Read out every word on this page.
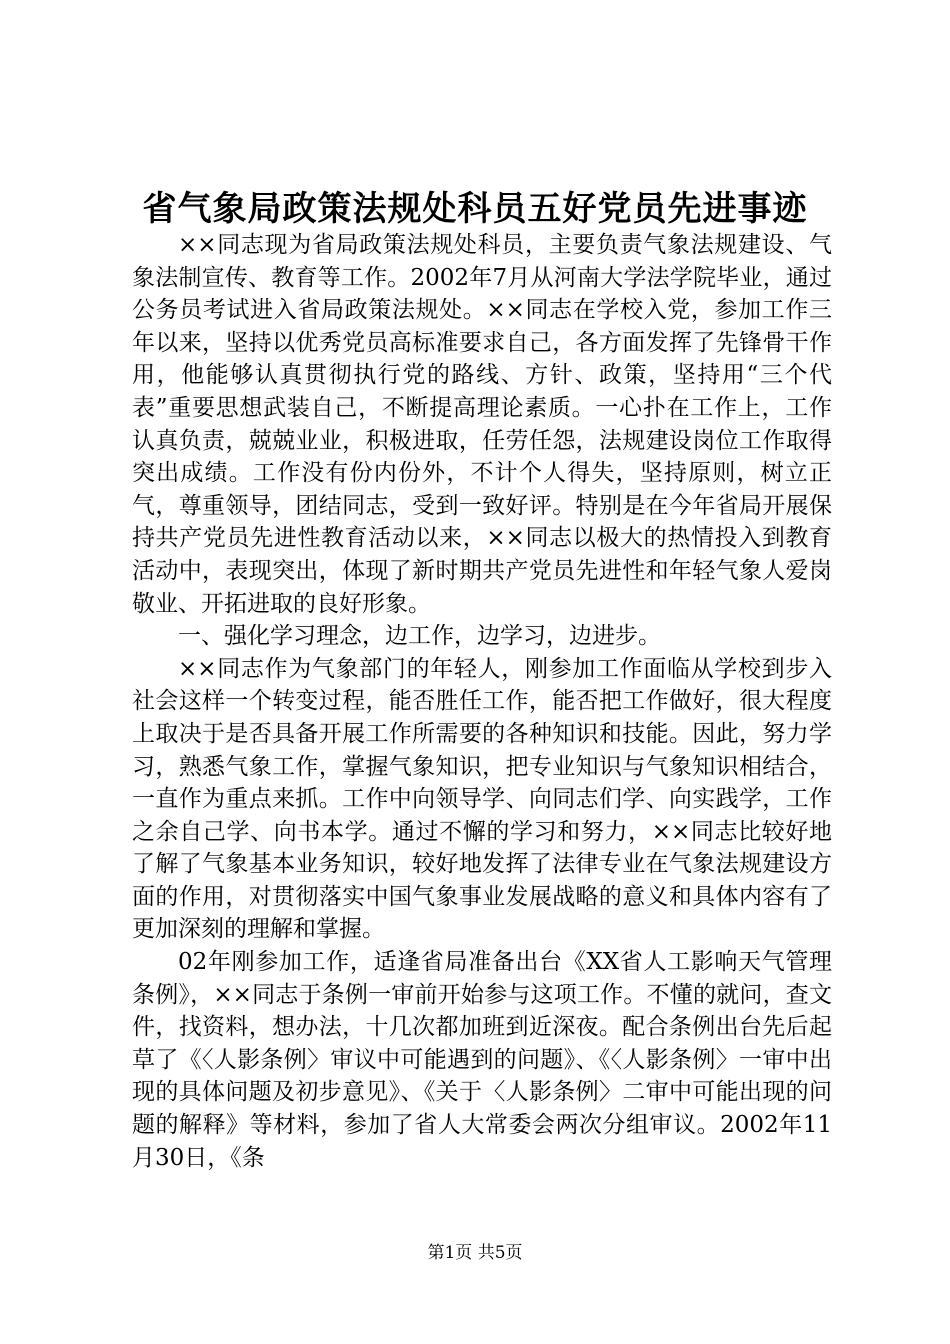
省气象局政策法规处科员五好党员先进事迹

××同志现为省局政策法规处科员，主要负责气象法规建设、气象法制宣传、教育等工作。2002年7月从河南大学法学院毕业，通过公务员考试进入省局政策法规处。××同志在学校入党，参加工作三年以来，坚持以优秀党员高标准要求自己，各方面发挥了先锋骨干作用，他能够认真贯彻执行党的路线、方针、政策，坚持用“三个代表”重要思想武装自己，不断提高理论素质。一心扑在工作上，工作认真负责，兢兢业业，积极进取，任劳任怨，法规建设岗位工作取得突出成绩。工作没有份内份外，不计个人得失，坚持原则，树立正气，尊重领导，团结同志，受到一致好评。特别是在今年省局开展保持共产党员先进性教育活动以来，××同志以极大的热情投入到教育活动中，表现突出，体现了新时期共产党员先进性和年轻气象人爱岗敬业、开拓进取的良好形象。

一、强化学习理念，边工作，边学习，边进步。

××同志作为气象部门的年轻人，刚参加工作面临从学校到步入社会这样一个转变过程，能否胜任工作，能否把工作做好，很大程度上取决于是否具备开展工作所需要的各种知识和技能。因此，努力学习，熟悉气象工作，掌握气象知识，把专业知识与气象知识相结合，一直作为重点来抓。工作中向领导学、向同志们学、向实践学，工作之余自己学、向书本学。通过不懈的学习和努力，××同志比较好地了解了气象基本业务知识，较好地发挥了法律专业在气象法规建设方面的作用，对贯彻落实中国气象事业发展战略的意义和具体内容有了更加深刻的理解和掌握。

02年刚参加工作，适逢省局准备出台《XX省人工影响天气管理条例》，××同志于条例一审前开始参与这项工作。不懂的就问，查文件，找资料，想办法，十几次都加班到近深夜。配合条例出台先后起草了《〈人影条例〉审议中可能遇到的问题》、《〈人影条例〉一审中出现的具体问题及初步意见》、《关于〈人影条例〉二审中可能出现的问题的解释》等材料，参加了省人大常委会两次分组审议。2002年11月30日，《条

第1页 共5页
